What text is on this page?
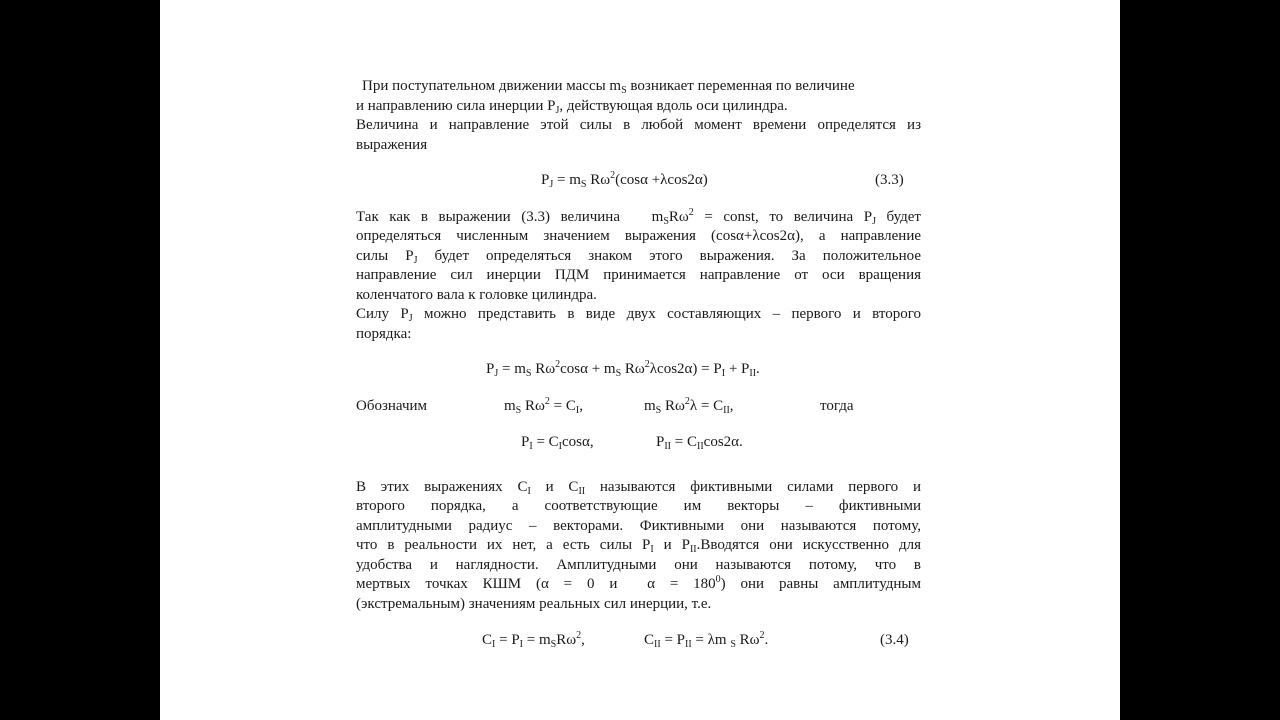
При поступательном движении массы $m_S$ возникает переменная по величине
и направлению сила инерции $P_J$, действующая вдоль оси цилиндра.
Величина и направление этой силы в любой момент времени определятся из
выражения
$P_J = m_S$ $R\omega^2(\cos\alpha +\lambda\cos 2\alpha)$	(3.3)
Так как в выражении (3.3) величина   $m_SR\omega^2$ = const, то величина $P_J$ будет
определяться численным значением выражения (cosα+λcos2α), а направление
силы $P_J$ будет определяться знаком этого выражения. За положительное
направление сил инерции ПДМ принимается направление от оси вращения
коленчатого вала к головке цилиндра.
Силу $P_J$ можно представить в виде двух составляющих – первого и второго
порядка:
$P_J = m_S$ $R\omega^2\cos\alpha + m_S$ $R\omega^2\lambda\cos 2\alpha) = P_I + P_{II}$.
Обозначим	$m_S$ $R\omega^2 = C_I$,	$m_S$ $R\omega^2\lambda = C_{II}$,	тогда
$P_I = C_I\cos\alpha$,	$P_{II} = C_{II}\cos 2\alpha$.
В этих выражениях $C_I$ и $C_{II}$ называются фиктивными силами первого и
второго порядка, а соответствующие им векторы – фиктивными
амплитудными радиус – векторами. Фиктивными они называются потому,
что в реальности их нет, а есть силы $P_I$ и $P_{II}.Вводятся$ они искусственно для
удобства и наглядности. Амплитудными они называются потому, что в
мертвых точках КШМ (α = 0 и  $\alpha = 180^0$) они равны амплитудным
(экстремальным) значениям реальных сил инерции, т.е.
$C_I = P_I = m_SR\omega^2$,	$C_{II} = P_{II} = \lambda m$ $_S$ $R\omega^2$.	(3.4)
